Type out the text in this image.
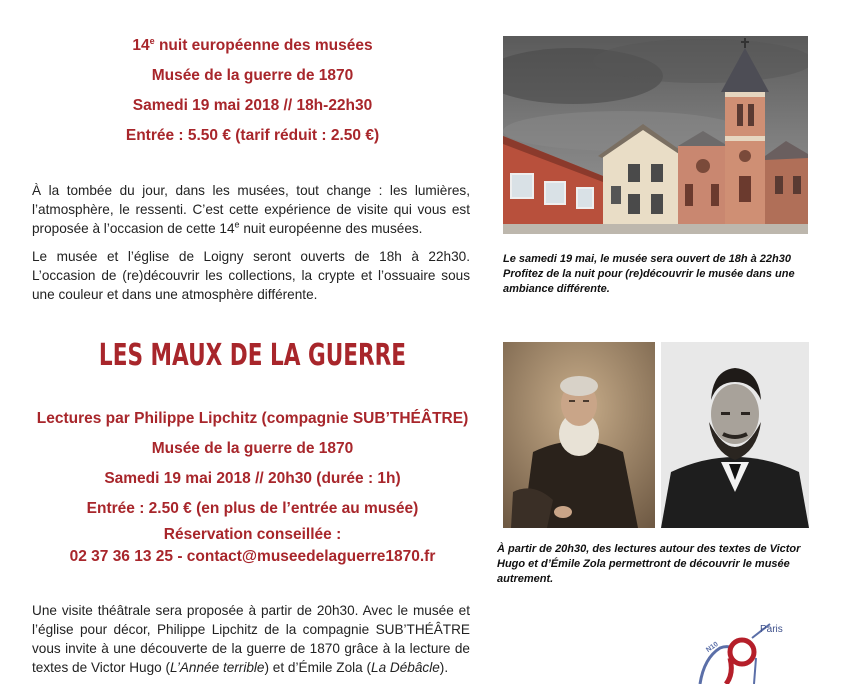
14e nuit européenne des musées
Musée de la guerre de 1870
Samedi 19 mai 2018 // 18h-22h30
Entrée : 5.50 € (tarif réduit : 2.50 €)

À la tombée du jour, dans les musées, tout change : les lumières, l’atmosphère, le ressenti. C’est cette expérience de visite qui vous est proposée à l’occasion de cette 14e nuit européenne des musées.

Le musée et l’église de Loigny seront ouverts de 18h à 22h30. L’occasion de (re)découvrir les collections, la crypte et l’ossuaire sous une couleur et dans une atmosphère différente.

Le samedi 19 mai, le musée sera ouvert de 18h à 22h30 Profitez de la nuit pour (re)découvrir le musée dans une ambiance différente.
LES MAUX DE LA GUERRE
Lectures par Philippe Lipchitz (compagnie SUB’THÉÂTRE)
Musée de la guerre de 1870
Samedi 19 mai 2018 // 20h30 (durée : 1h)
Entrée : 2.50 € (en plus de l’entrée au musée)
Réservation conseillée :
02 37 36 13 25 - contact@museedelaguerre1870.fr	À partir de 20h30, des lectures autour des textes de Victor Hugo et d’Émile Zola permettront de découvrir le musée autrement.

Une visite théâtrale sera proposée à partir de 20h30. Avec le musée et l’église pour décor, Philippe Lipchitz de la compagnie SUB’THÉÂTRE vous invite à une découverte de la guerre de 1870 grâce à la lecture de textes de Victor Hugo (L’Année terrible) et d’Émile Zola (La Débâcle).

Paris
N10
